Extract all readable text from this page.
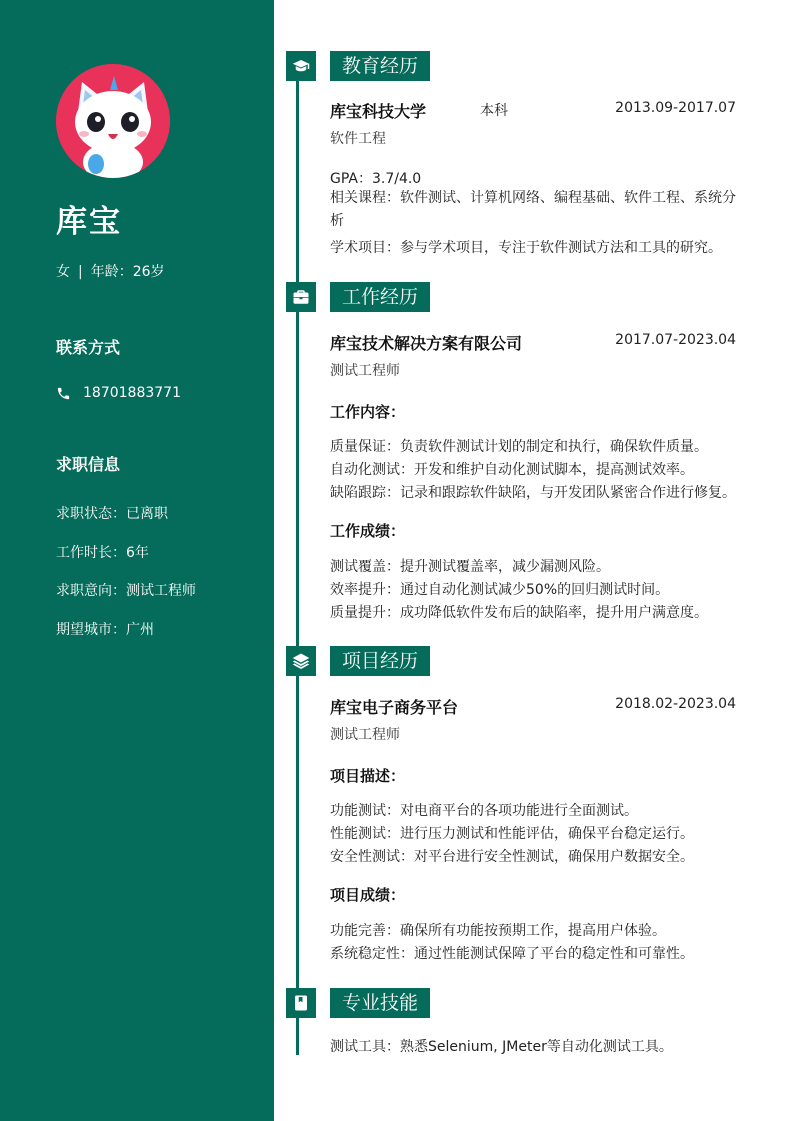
库宝
女 | 年龄：26岁
联系方式
18701883771
求职信息
求职状态：已离职
工作时长：6年
求职意向：测试工程师
期望城市：广州
教育经历
库宝科技大学	本科	2013.09-2017.07
软件工程
GPA：3.7/4.0
相关课程：软件测试、计算机网络、编程基础、软件工程、系统分析
学术项目：参与学术项目，专注于软件测试方法和工具的研究。
工作经历
库宝技术解决方案有限公司	2017.07-2023.04
测试工程师
工作内容：
质量保证：负责软件测试计划的制定和执行，确保软件质量。
自动化测试：开发和维护自动化测试脚本，提高测试效率。
缺陷跟踪：记录和跟踪软件缺陷，与开发团队紧密合作进行修复。
工作成绩：
测试覆盖：提升测试覆盖率，减少漏测风险。
效率提升：通过自动化测试减少50%的回归测试时间。
质量提升：成功降低软件发布后的缺陷率，提升用户满意度。
项目经历
库宝电子商务平台	2018.02-2023.04
测试工程师
项目描述：
功能测试：对电商平台的各项功能进行全面测试。
性能测试：进行压力测试和性能评估，确保平台稳定运行。
安全性测试：对平台进行安全性测试，确保用户数据安全。
项目成绩：
功能完善：确保所有功能按预期工作，提高用户体验。
系统稳定性：通过性能测试保障了平台的稳定性和可靠性。
专业技能
测试工具：熟悉Selenium, JMeter等自动化测试工具。
